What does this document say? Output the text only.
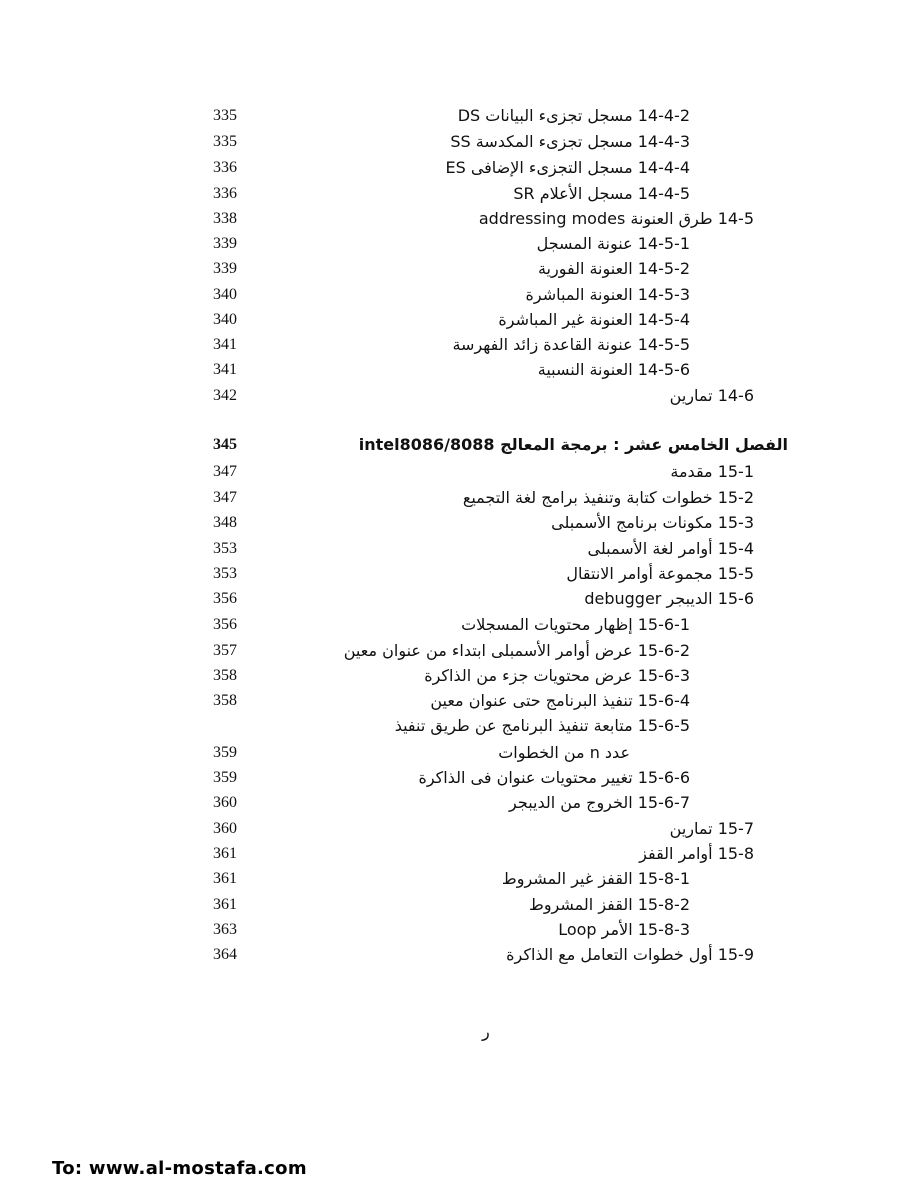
335	14-4-2 مسجل تجزىء البيانات DS
335	14-4-3 مسجل تجزىء المكدسة SS
336	14-4-4 مسجل التجزىء الإضافى ES
336	14-4-5 مسجل الأعلام SR
338	14-5 طرق العنونة addressing modes
339	14-5-1 عنونة المسجل
339	14-5-2 العنونة الفورية
340	14-5-3 العنونة المباشرة
340	14-5-4 العنونة غير المباشرة
341	14-5-5 عنونة القاعدة زائد الفهرسة
341	14-5-6 العنونة النسبية
342	14-6 تمارين
345	الفصل الخامس عشر : برمجة المعالج intel8086/8088
347	15-1 مقدمة
347	15-2 خطوات كتابة وتنفيذ برامج لغة التجميع
348	15-3 مكونات برنامج الأسمبلى
353	15-4 أوامر لغة الأسمبلى
353	15-5 مجموعة أوامر الانتقال
356	15-6 الديبجر debugger
356	15-6-1 إظهار محتويات المسجلات
357	15-6-2 عرض أوامر الأسمبلى ابتداء من عنوان معين
358	15-6-3 عرض محتويات جزء من الذاكرة
358	15-6-4 تنفيذ البرنامج حتى عنوان معين
15-6-5 متابعة تنفيذ البرنامج عن طريق تنفيذ
359	عدد n من الخطوات
359	15-6-6 تغيير محتويات عنوان فى الذاكرة
360	15-6-7 الخروج من الديبجر
360	15-7 تمارين
361	15-8 أوامر القفز
361	15-8-1 القفز غير المشروط
361	15-8-2 القفز المشروط
363	15-8-3 الأمر Loop
364	15-9 أول خطوات التعامل مع الذاكرة
ر
To: www.al-mostafa.com
